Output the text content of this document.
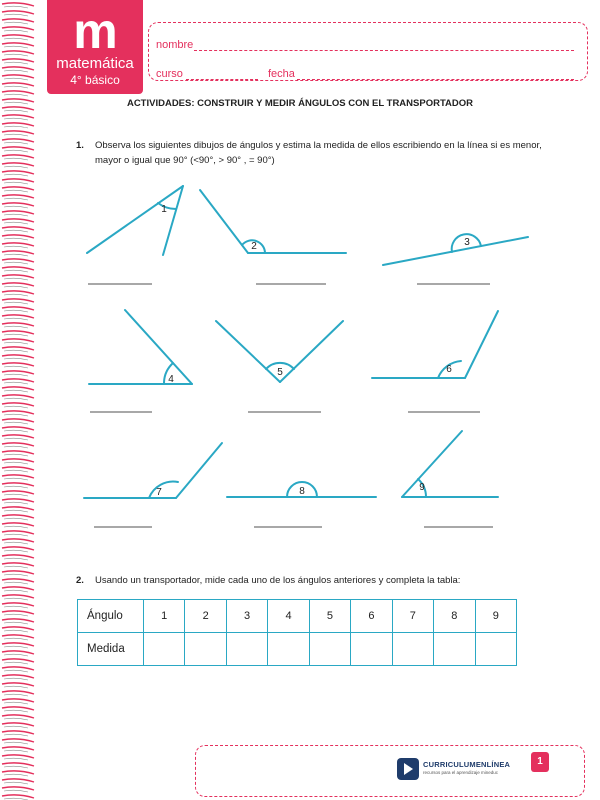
m
matemática
4° básico
nombre
curso	fecha
ACTIVIDADES: CONSTRUIR Y MEDIR ÁNGULOS CON EL TRANSPORTADOR
1. Observa los siguientes dibujos de ángulos y estima la medida de ellos escribiendo en la línea si es menor, mayor o igual que 90° (<90°, > 90° , = 90°)
1
2	3
4
5	6
7	8	9
2. Usando un transportador, mide cada uno de los ángulos anteriores y completa la tabla:
Ángulo	1	2	3	4	5	6	7	8	9
Medida									
CURRICULUMENLÍNEA
recursos para el aprendizaje mineduc
1
